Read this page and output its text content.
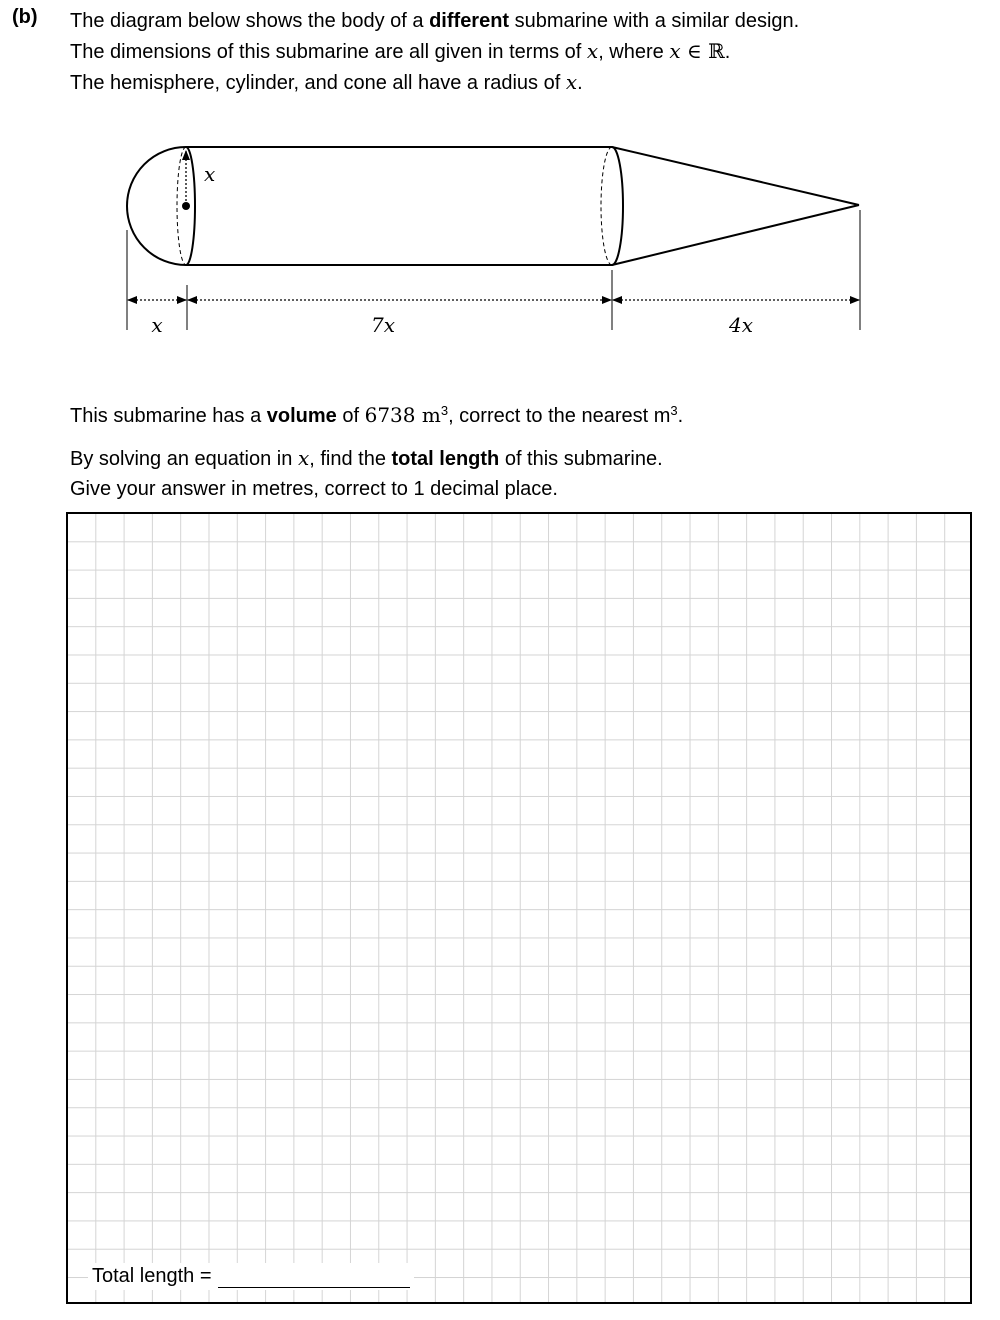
(b) The diagram below shows the body of a different submarine with a similar design.

The dimensions of this submarine are all given in terms of x, where x ∈ ℝ.

The hemisphere, cylinder, and cone all have a radius of x.

x
x	7x	4x

This submarine has a volume of 6738 $m^3$, correct to the nearest $m^3$.

By solving an equation in x, find the total length of this submarine.

Give your answer in metres, correct to 1 decimal place.

Total length =
